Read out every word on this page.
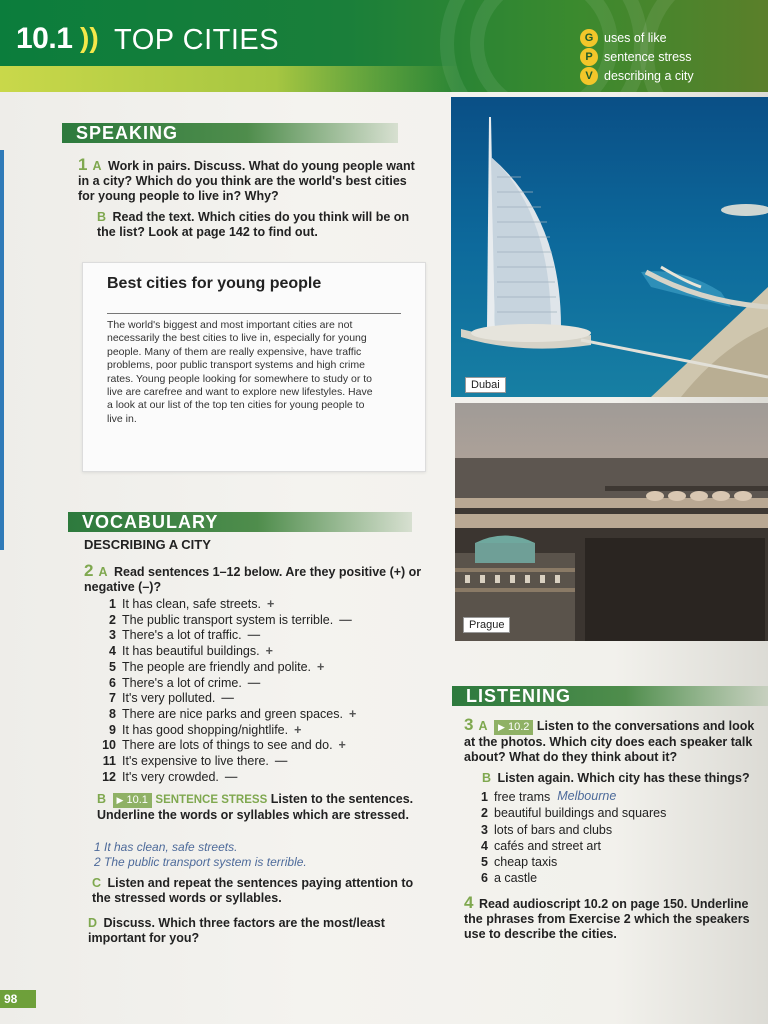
10.1 )) TOP CITIES	G uses of like
P sentence stress
V describing a city
SPEAKING
1 A Work in pairs. Discuss. What do young people want in a city? Which do you think are the world's best cities for young people to live in? Why?
B Read the text. Which cities do you think will be on the list? Look at page 142 to find out.
Best cities for young people
The world's biggest and most important cities are not necessarily the best cities to live in, especially for young people. Many of them are really expensive, have traffic problems, poor public transport systems and high crime rates. Young people looking for somewhere to study or to live are carefree and want to explore new lifestyles. Have a look at our list of the top ten cities for young people to live in.
Dubai
Prague
VOCABULARY
DESCRIBING A CITY
2 A Read sentences 1–12 below. Are they positive (+) or negative (–)?
1 It has clean, safe streets. +
2 The public transport system is terrible. —
3 There's a lot of traffic. —
4 It has beautiful buildings. +
5 The people are friendly and polite. +
6 There's a lot of crime. —
7 It's very polluted. —
8 There are nice parks and green spaces. +
9 It has good shopping/nightlife. +
10 There are lots of things to see and do. +
11 It's expensive to live there. —
12 It's very crowded. —
B ▶ 10.1 SENTENCE STRESS Listen to the sentences. Underline the words or syllables which are stressed.
1 It has clean, safe streets.
2 The public transport system is terrible.
C Listen and repeat the sentences paying attention to the stressed words or syllables.
D Discuss. Which three factors are the most/least important for you?
LISTENING
3 A ▶ 10.2 Listen to the conversations and look at the photos. Which city does each speaker talk about? What do they think about it?
B Listen again. Which city has these things?
1 free trams
Melbourne
2 beautiful buildings and squares
3 lots of bars and clubs
4 cafés and street art
5 cheap taxis
6 a castle
4 Read audioscript 10.2 on page 150. Underline the phrases from Exercise 2 which the speakers use to describe the cities.
98
